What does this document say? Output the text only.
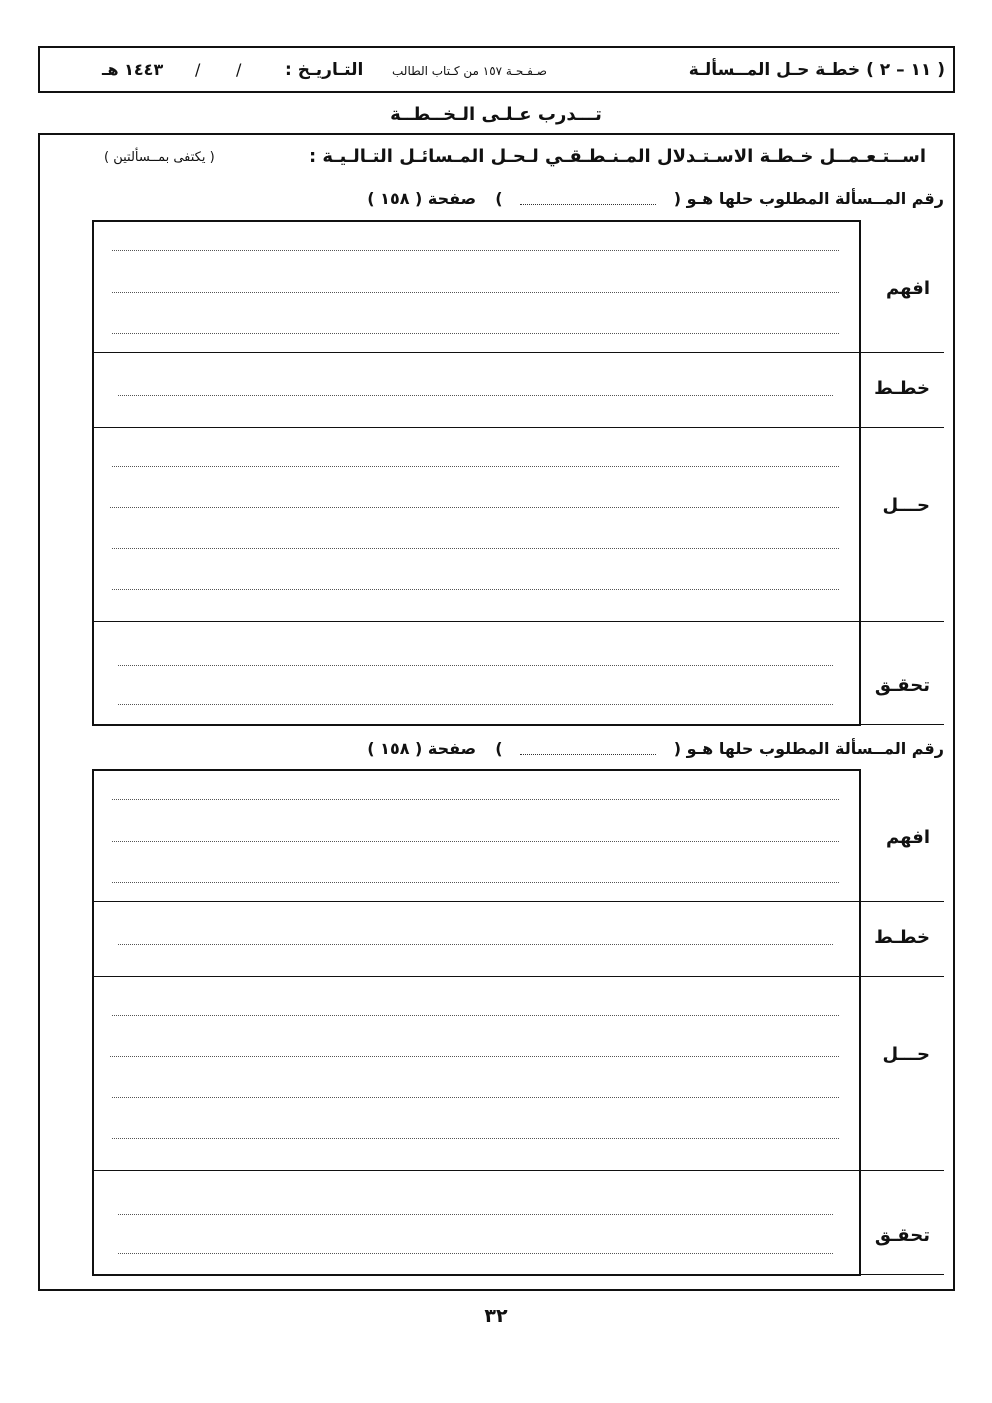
( ١١ – ٢ ) خطـة حـل المــسألـة
صـفـحـة ١٥٧ من كـتاب الطالب
التـاريـخ :
/
/
١٤٤٣ هـ
تـــدرب عـلـى الـخــطــة
اســتـعـمــل خـطـة الاسـتـدلال المـنـطـقـي لـحـل المـسائـل التـالـيـة :
( يكتفى بمــسألتين )
رقم المــسألة المطلوب حلها هـو (  )  صفحة ( ١٥٨ )
افهم
خطـط
حـــل
تحقـق
رقم المــسألة المطلوب حلها هـو (  )  صفحة ( ١٥٨ )
افهم
خطـط
حـــل
تحقـق
٣٢
